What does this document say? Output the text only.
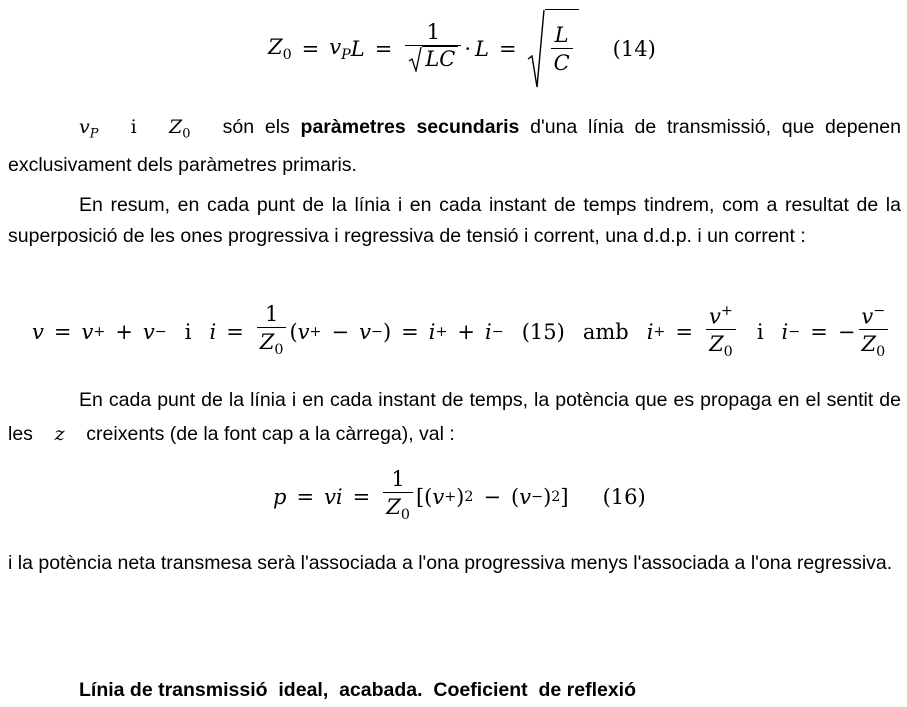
$Z_0 = v_P$ $L = \frac{1}{LC} \cdot L = \frac{L}{C} (14)$
$v_P$ i $Z_0$ són els paràmetres secundaris d'una línia de transmissió, que depenen exclusivament dels paràmetres primaris.
En resum, en cada punt de la línia i en cada instant de temps tindrem, com a resultat de la superposició de les ones progressiva i regressiva de tensió i corrent, una d.d.p. i un corrent :
v = v + + v − i $i = \frac{1}{Z_0}$ ( v + − v − ) = i + + i − (15) amb i + = $\frac{v^+}{Z_0}$ i i − = − $\frac{v^-}{Z_0}$
En cada punt de la línia i en cada instant de temps, la potència que es propaga en el sentit de les z creixents (de la font cap a la càrrega), val :
p = vi = $\frac{1}{Z_0}$ [( v + ) 2 − ( v − ) 2 ] (16)
i la potència neta transmesa serà l'associada a l'ona progressiva menys l'associada a l'ona regressiva.
Línia de transmissió  ideal,  acabada.  Coeficient  de reflexió
